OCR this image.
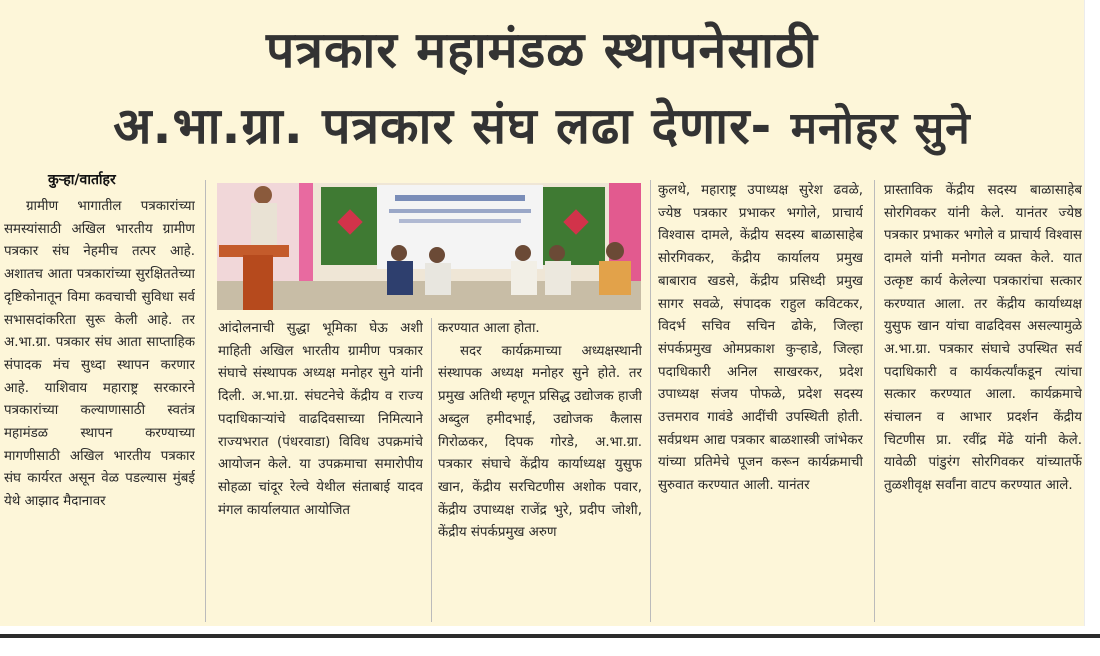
पत्रकार महामंडळ स्थापनेसाठी
अ.भा.ग्रा. पत्रकार संघ लढा देणार- मनोहर सुने
कुऱ्हा/वार्ताहर

ग्रामीण भागातील पत्रकारांच्या समस्यांसाठी अखिल भारतीय ग्रामीण पत्रकार संघ नेहमीच तत्पर आहे. अशातच आता पत्रकारांच्या सुरक्षिततेच्या दृष्टिकोनातून विमा कवचाची सुविधा सर्व सभासदांकरिता सुरू केली आहे. तर अ.भा.ग्रा. पत्रकार संघ आता साप्ताहिक संपादक मंच सुध्दा स्थापन करणार आहे. याशिवाय महाराष्ट्र सरकारने पत्रकारांच्या कल्याणासाठी स्वतंत्र महामंडळ स्थापन करण्याच्या मागणीसाठी अखिल भारतीय पत्रकार संघ कार्यरत असून वेळ पडल्यास मुंबई येथे आझाद मैदानावर

आंदोलनाची सुद्धा भूमिका घेऊ अशी माहिती अखिल भारतीय ग्रामीण पत्रकार संघाचे संस्थापक अध्यक्ष मनोहर सुने यांनी दिली. अ.भा.ग्रा. संघटनेचे केंद्रीय व राज्य पदाधिकाऱ्यांचे वाढदिवसाच्या निमित्याने राज्यभरात (पंधरवाडा) विविध उपक्रमांचे आयोजन केले. या उपक्रमाचा समारोपीय सोहळा चांदूर रेल्वे येथील संताबाई यादव मंगल कार्यालयात आयोजित

करण्यात आला होता.

सदर कार्यक्रमाच्या अध्यक्षस्थानी संस्थापक अध्यक्ष मनोहर सुने होते. तर प्रमुख अतिथी म्हणून प्रसिद्ध उद्योजक हाजी अब्दुल हमीदभाई, उद्योजक कैलास गिरोळकर, दिपक गोरडे, अ.भा.ग्रा. पत्रकार संघाचे केंद्रीय कार्याध्यक्ष युसुफ खान, केंद्रीय सरचिटणीस अशोक पवार, केंद्रीय उपाध्यक्ष राजेंद्र भुरे, प्रदीप जोशी, केंद्रीय संपर्कप्रमुख अरुण

कुलथे, महाराष्ट्र उपाध्यक्ष सुरेश ढवळे, ज्येष्ठ पत्रकार प्रभाकर भगोले, प्राचार्य विश्वास दामले, केंद्रीय सदस्य बाळासाहेब सोरगिवकर, केंद्रीय कार्यालय प्रमुख बाबाराव खडसे, केंद्रीय प्रसिध्दी प्रमुख सागर सवळे, संपादक राहुल कविटकर, विदर्भ सचिव सचिन ढोके, जिल्हा संपर्कप्रमुख ओमप्रकाश कुऱ्हाडे, जिल्हा पदाधिकारी अनिल साखरकर, प्रदेश उपाध्यक्ष संजय पोफळे, प्रदेश सदस्य उत्तमराव गावंडे आदींची उपस्थिती होती. सर्वप्रथम आद्य पत्रकार बाळशास्त्री जांभेकर यांच्या प्रतिमेचे पूजन करून कार्यक्रमाची सुरुवात करण्यात आली. यानंतर

प्रास्ताविक केंद्रीय सदस्य बाळासाहेब सोरगिवकर यांनी केले. यानंतर ज्येष्ठ पत्रकार प्रभाकर भगोले व प्राचार्य विश्वास दामले यांनी मनोगत व्यक्त केले. यात उत्कृष्ट कार्य केलेल्या पत्रकारांचा सत्कार करण्यात आला. तर केंद्रीय कार्याध्यक्ष युसुफ खान यांचा वाढदिवस असल्यामुळे अ.भा.ग्रा. पत्रकार संघाचे उपस्थित सर्व पदाधिकारी व कार्यकर्त्यांकडून त्यांचा सत्कार करण्यात आला. कार्यक्रमाचे संचालन व आभार प्रदर्शन केंद्रीय चिटणीस प्रा. रवींद्र मेंढे यांनी केले. यावेळी पांडुरंग सोरगिवकर यांच्यातर्फे तुळशीवृक्ष सर्वांना वाटप करण्यात आले.
